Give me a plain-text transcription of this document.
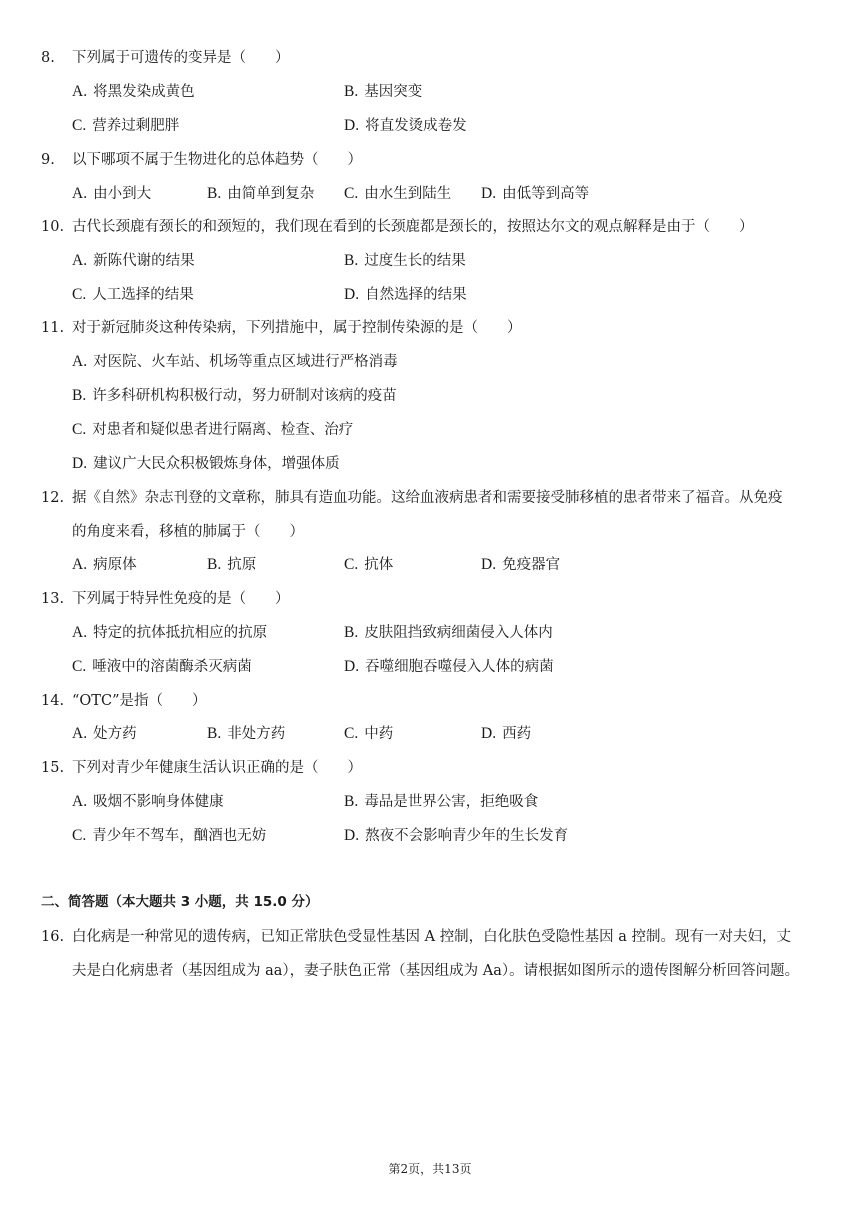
8. 下列属于可遗传的变异是（　　）
A. 将黑发染成黄色	B. 基因突变
C. 营养过剩肥胖	D. 将直发烫成卷发
9. 以下哪项不属于生物进化的总体趋势（　　）
A. 由小到大	B. 由简单到复杂 C. 由水生到陆生 D. 由低等到高等
10. 古代长颈鹿有颈长的和颈短的，我们现在看到的长颈鹿都是颈长的，按照达尔文的观点解释是由于（　　）
A. 新陈代谢的结果	B. 过度生长的结果
C. 人工选择的结果	D. 自然选择的结果
11. 对于新冠肺炎这种传染病，下列措施中，属于控制传染源的是（　　）
A. 对医院、火车站、机场等重点区域进行严格消毒
B. 许多科研机构积极行动，努力研制对该病的疫苗
C. 对患者和疑似患者进行隔离、检查、治疗
D. 建议广大民众积极锻炼身体，增强体质
12. 据《自然》杂志刊登的文章称，肺具有造血功能。这给血液病患者和需要接受肺移植的患者带来了福音。从免疫
的角度来看，移植的肺属于（　　）
A. 病原体	B. 抗原	C. 抗体	D. 免疫器官
13. 下列属于特异性免疫的是（　　）
A. 特定的抗体抵抗相应的抗原	B. 皮肤阻挡致病细菌侵入人体内
C. 唾液中的溶菌酶杀灭病菌	D. 吞噬细胞吞噬侵入人体的病菌
14. “OTC”是指（　　）
A. 处方药	B. 非处方药	C. 中药	D. 西药
15. 下列对青少年健康生活认识正确的是（　　）
A. 吸烟不影响身体健康	B. 毒品是世界公害，拒绝吸食
C. 青少年不驾车，酗酒也无妨	D. 熬夜不会影响青少年的生长发育
二、简答题（本大题共 3 小题，共 15.0 分）
16. 白化病是一种常见的遗传病，已知正常肤色受显性基因 A 控制，白化肤色受隐性基因 a 控制。现有一对夫妇，丈
夫是白化病患者（基因组成为 aa），妻子肤色正常（基因组成为 Aa）。请根据如图所示的遗传图解分析回答问题。
第2页，共13页
